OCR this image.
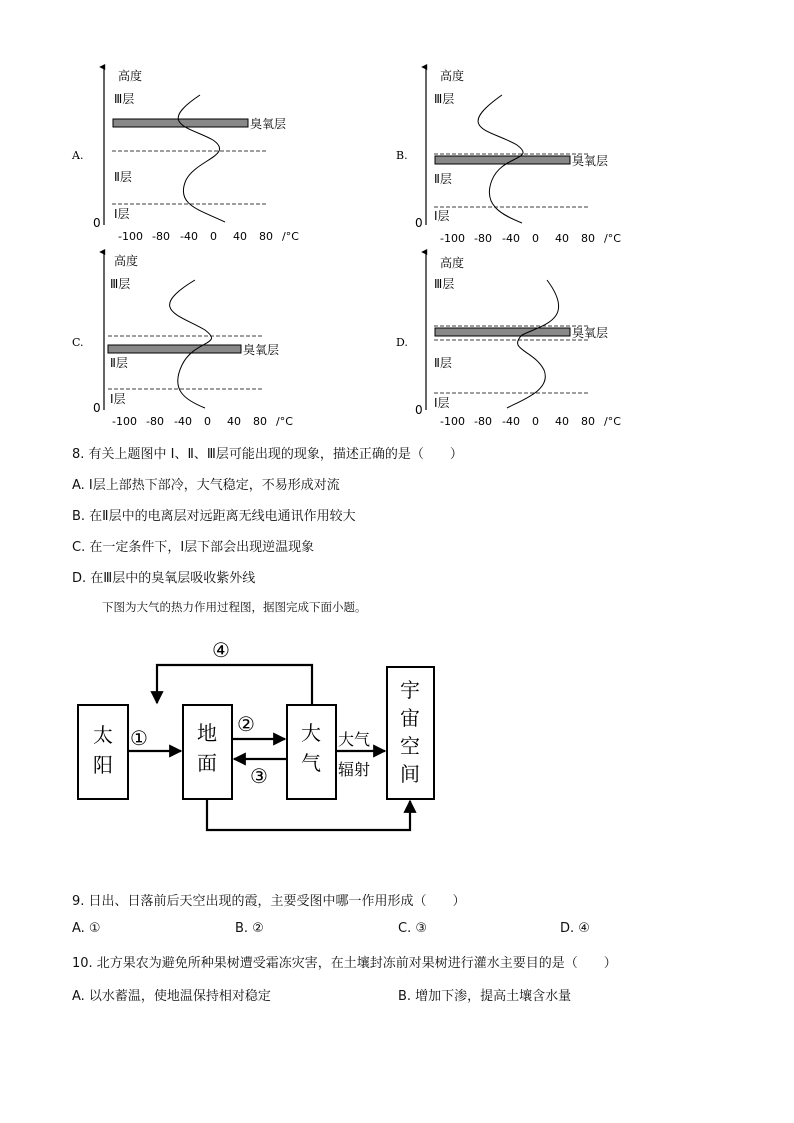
A.
高度
Ⅲ层
Ⅱ层
Ⅰ层
0
臭氧层
-100 -80 -40 0 40 80 /°C
B.
高度
Ⅲ层
Ⅱ层
Ⅰ层
0
臭氧层
-100 -80 -40 0 40 80 /°C
C.
高度
Ⅲ层
Ⅱ层
Ⅰ层
0
臭氧层
-100 -80 -40 0 40 80 /°C
D.
高度
Ⅲ层
Ⅱ层
Ⅰ层
0
臭氧层
-100 -80 -40 0 40 80 /°C
8. 有关上题图中 I、Ⅱ、Ⅲ层可能出现的现象，描述正确的是（　　）
A. Ⅰ层上部热下部冷，大气稳定，不易形成对流
B. 在Ⅱ层中的电离层对远距离无线电通讯作用较大
C. 在一定条件下，Ⅰ层下部会出现逆温现象
D. 在Ⅲ层中的臭氧层吸收紫外线
下图为大气的热力作用过程图，据图完成下面小题。
太
阳
地
面
大
气
宇
宙
空
间
①
②
③
④
大气
辐射
9. 日出、日落前后天空出现的霞，主要受图中哪一作用形成（　　）
A. ①	B. ②	C. ③	D. ④
10. 北方果农为避免所种果树遭受霜冻灾害，在土壤封冻前对果树进行灌水主要目的是（　　）
A. 以水蓄温，使地温保持相对稳定	B. 增加下渗，提高土壤含水量
